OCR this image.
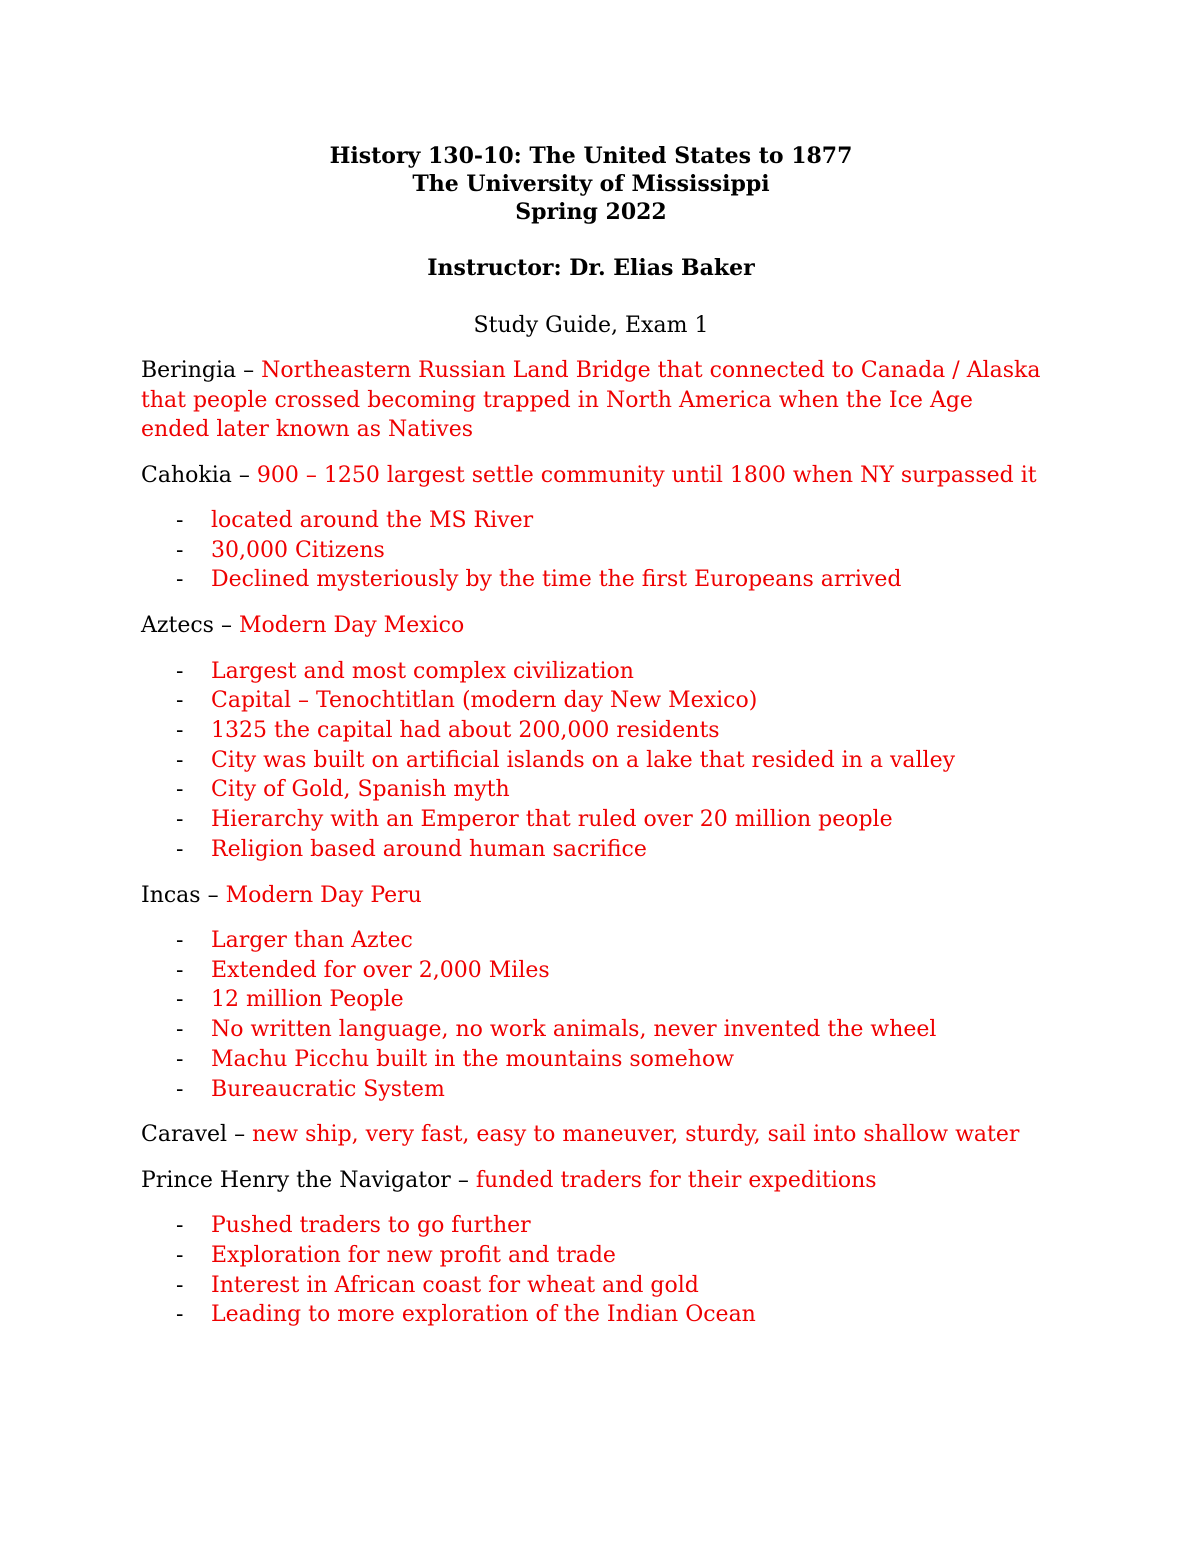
History 130-10: The United States to 1877
The University of Mississippi
Spring 2022
Instructor: Dr. Elias Baker
Study Guide, Exam 1
Beringia – Northeastern Russian Land Bridge that connected to Canada / Alaska that people crossed becoming trapped in North America when the Ice Age ended later known as Natives
Cahokia – 900 – 1250 largest settle community until 1800 when NY surpassed it
- located around the MS River
- 30,000 Citizens
- Declined mysteriously by the time the first Europeans arrived
Aztecs – Modern Day Mexico
- Largest and most complex civilization
- Capital – Tenochtitlan (modern day New Mexico)
- 1325 the capital had about 200,000 residents
- City was built on artificial islands on a lake that resided in a valley
- City of Gold, Spanish myth
- Hierarchy with an Emperor that ruled over 20 million people
- Religion based around human sacrifice
Incas – Modern Day Peru
- Larger than Aztec
- Extended for over 2,000 Miles
- 12 million People
- No written language, no work animals, never invented the wheel
- Machu Picchu built in the mountains somehow
- Bureaucratic System
Caravel – new ship, very fast, easy to maneuver, sturdy, sail into shallow water
Prince Henry the Navigator – funded traders for their expeditions
- Pushed traders to go further
- Exploration for new profit and trade
- Interest in African coast for wheat and gold
- Leading to more exploration of the Indian Ocean
